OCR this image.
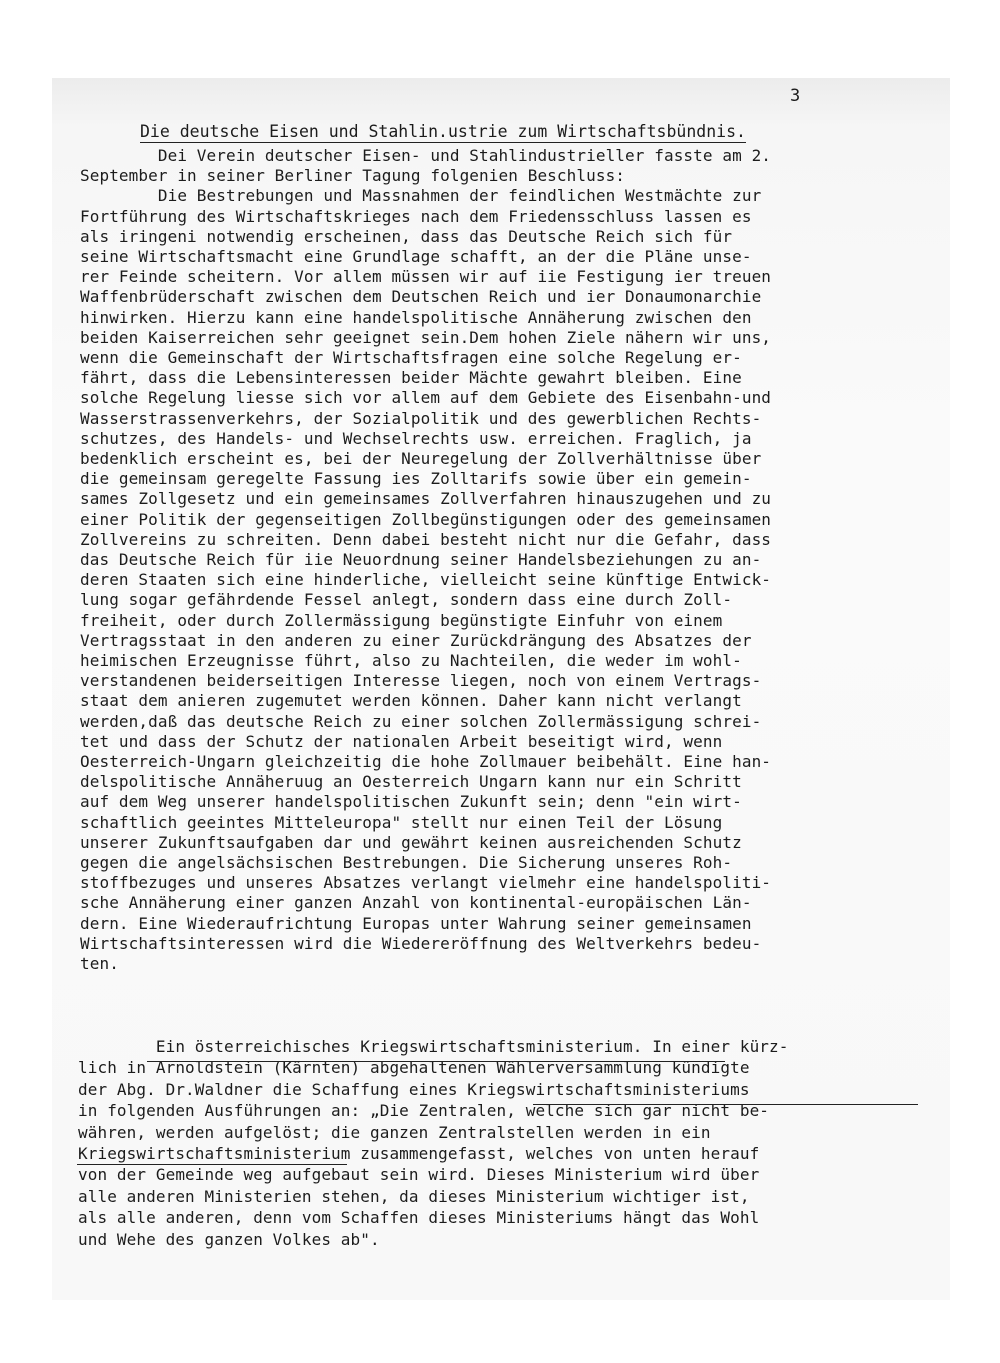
3
Die deutsche Eisen und Stahlin.ustrie zum Wirtschaftsbündnis.
Dei Verein deutscher Eisen- und Stahlindustrieller fasste am 2.
September in seiner Berliner Tagung folgenien Beschluss:
Die Bestrebungen und Massnahmen der feindlichen Westmächte zur
Fortführung des Wirtschaftskrieges nach dem Friedensschluss lassen es
als iringeni notwendig erscheinen, dass das Deutsche Reich sich für
seine Wirtschaftsmacht eine Grundlage schafft, an der die Pläne unse-
rer Feinde scheitern. Vor allem müssen wir auf iie Festigung ier treuen
Waffenbrüderschaft zwischen dem Deutschen Reich und ier Donaumonarchie
hinwirken. Hierzu kann eine handelspolitische Annäherung zwischen den
beiden Kaiserreichen sehr geeignet sein.Dem hohen Ziele nähern wir uns,
wenn die Gemeinschaft der Wirtschaftsfragen eine solche Regelung er-
fährt, dass die Lebensinteressen beider Mächte gewahrt bleiben. Eine
solche Regelung liesse sich vor allem auf dem Gebiete des Eisenbahn-und
Wasserstrassenverkehrs, der Sozialpolitik und des gewerblichen Rechts-
schutzes, des Handels- und Wechselrechts usw. erreichen. Fraglich, ja
bedenklich erscheint es, bei der Neuregelung der Zollverhältnisse über
die gemeinsam geregelte Fassung ies Zolltarifs sowie über ein gemein-
sames Zollgesetz und ein gemeinsames Zollverfahren hinauszugehen und zu
einer Politik der gegenseitigen Zollbegünstigungen oder des gemeinsamen
Zollvereins zu schreiten. Denn dabei besteht nicht nur die Gefahr, dass
das Deutsche Reich für iie Neuordnung seiner Handelsbeziehungen zu an-
deren Staaten sich eine hinderliche, vielleicht seine künftige Entwick-
lung sogar gefährdende Fessel anlegt, sondern dass eine durch Zoll-
freiheit, oder durch Zollermässigung begünstigte Einfuhr von einem
Vertragsstaat in den anderen zu einer Zurückdrängung des Absatzes der
heimischen Erzeugnisse führt, also zu Nachteilen, die weder im wohl-
verstandenen beiderseitigen Interesse liegen, noch von einem Vertrags-
staat dem anieren zugemutet werden können. Daher kann nicht verlangt
werden,daß das deutsche Reich zu einer solchen Zollermässigung schrei-
tet und dass der Schutz der nationalen Arbeit beseitigt wird, wenn
Oesterreich-Ungarn gleichzeitig die hohe Zollmauer beibehält. Eine han-
delspolitische Annäheruug an Oesterreich Ungarn kann nur ein Schritt
auf dem Weg unserer handelspolitischen Zukunft sein; denn "ein wirt-
schaftlich geeintes Mitteleuropa" stellt nur einen Teil der Lösung
unserer Zukunftsaufgaben dar und gewährt keinen ausreichenden Schutz
gegen die angelsächsischen Bestrebungen. Die Sicherung unseres Roh-
stoffbezuges und unseres Absatzes verlangt vielmehr eine handelspoliti-
sche Annäherung einer ganzen Anzahl von kontinental-europäischen Län-
dern. Eine Wiederaufrichtung Europas unter Wahrung seiner gemeinsamen
Wirtschaftsinteressen wird die Wiedereröffnung des Weltverkehrs bedeu-
ten.
Ein österreichisches Kriegswirtschaftsministerium. In einer kürz-
lich in Arnoldstein (Kärnten) abgehaltenen Wählerversammlung kündigte
der Abg. Dr.Waldner die Schaffung eines Kriegswirtschaftsministeriums
in folgenden Ausführungen an: „Die Zentralen, welche sich gar nicht be-
währen, werden aufgelöst; die ganzen Zentralstellen werden in ein
Kriegswirtschaftsministerium zusammengefasst, welches von unten herauf
von der Gemeinde weg aufgebaut sein wird. Dieses Ministerium wird über
alle anderen Ministerien stehen, da dieses Ministerium wichtiger ist,
als alle anderen, denn vom Schaffen dieses Ministeriums hängt das Wohl
und Wehe des ganzen Volkes ab".
